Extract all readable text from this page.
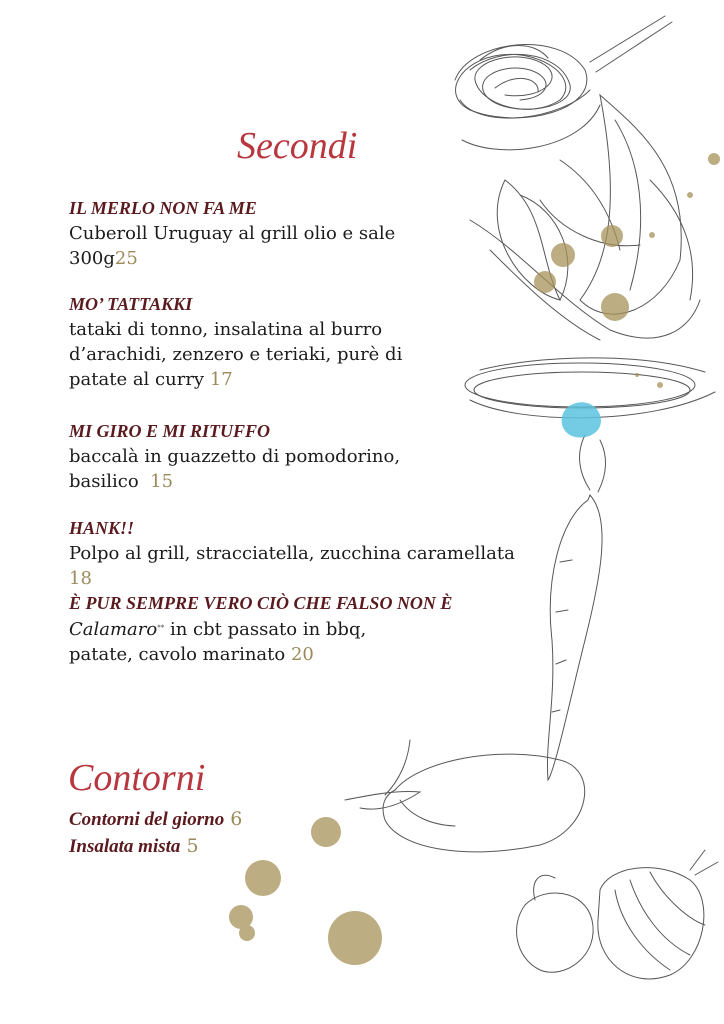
Secondi
IL MERLO NON FA ME
Cuberoll Uruguay al grill olio e sale
300g25
MO’ TATTAKKI
tataki di tonno, insalatina al burro
d’arachidi, zenzero e teriaki, purè di
patate al curry 17
MI GIRO E MI RITUFFO
baccalà in guazzetto di pomodorino,
basilico 15
HANK!!
Polpo al grill, stracciatella, zucchina caramellata 18
È PUR SEMPRE VERO CIÒ CHE FALSO NON È
Calamaro** in cbt passato in bbq,
patate, cavolo marinato 20
Contorni
Contorni del giorno 6
Insalata mista 5
